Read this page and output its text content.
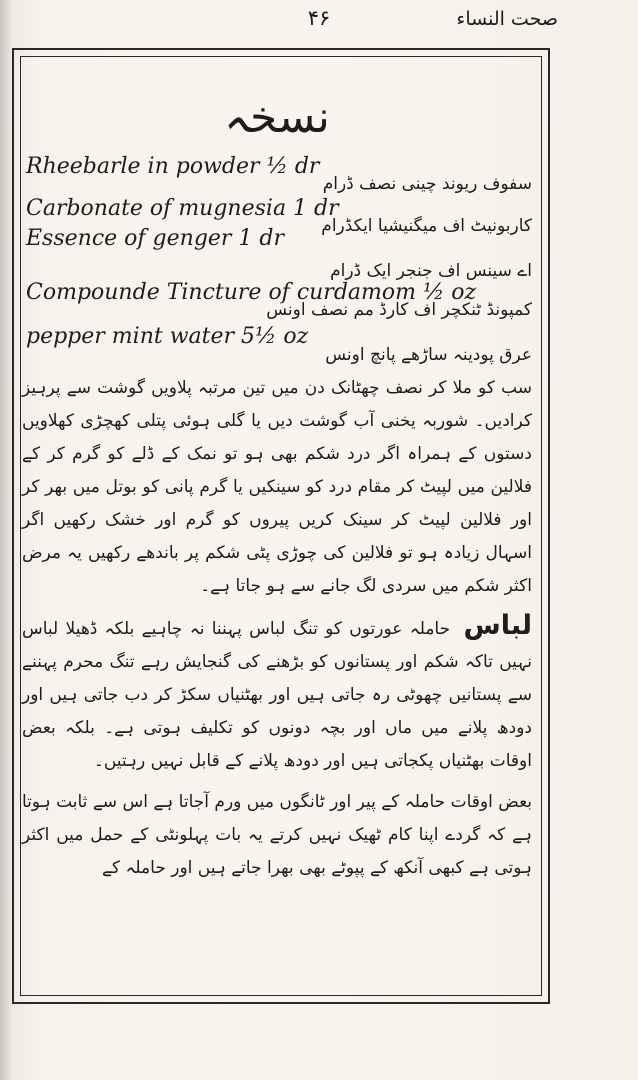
صحت النساء
۴۶
نسخہ
Rheebarle in powder ½ dr
سفوف ریوند چینی نصف ڈرام
Carbonate of mugnesia 1 dr
کاربونیٹ اف میگنیشیا ایکڈرام
Essence of genger 1 dr
اے سینس اف جنجر ایک ڈرام
Compounde Tincture of curdamom ½ oz
کمپونڈ ٹنکچر اف کارڈ مم نصف اونس
pepper mint water 5½ oz
عرق پودینہ ساڑھے پانچ اونس

سب کو ملا کر نصف چھٹانک دن میں تین مرتبہ پلاویں گوشت سے پرہیز کرادیں۔ شوربہ یخنی آب گوشت دیں یا گلی ہوئی پتلی کھچڑی کھلاویں دستوں کے ہمراہ اگر درد شکم بھی ہو تو نمک کے ڈلے کو گرم کر کے فلالین میں لپیٹ کر مقام درد کو سینکیں یا گرم پانی کو بوتل میں بھر کر اور فلالین لپیٹ کر سینک کریں پیروں کو گرم اور خشک رکھیں اگر اسہال زیادہ ہو تو فلالین کی چوڑی پٹی شکم پر باندھے رکھیں یہ مرض اکثر شکم میں سردی لگ جانے سے ہو جاتا ہے۔

لباس حاملہ عورتوں کو تنگ لباس پہننا نہ چاہیے بلکہ ڈھیلا لباس نہیں تاکہ شکم اور پستانوں کو بڑھنے کی گنجایش رہے تنگ محرم پہننے سے پستانیں چھوٹی رہ جاتی ہیں اور بھٹنیاں سکڑ کر دب جاتی ہیں اور دودھ پلانے میں ماں اور بچہ دونوں کو تکلیف ہوتی ہے۔ بلکہ بعض اوقات بھٹنیاں پکجاتی ہیں اور دودھ پلانے کے قابل نہیں رہتیں۔

بعض اوقات حاملہ کے پیر اور ٹانگوں میں ورم آجاتا ہے اس سے ثابت ہوتا ہے کہ گردے اپنا کام ٹھیک نہیں کرتے یہ بات پہلونٹی کے حمل میں اکثر ہوتی ہے کبھی آنکھ کے پپوٹے بھی بھرا جاتے ہیں اور حاملہ کے
